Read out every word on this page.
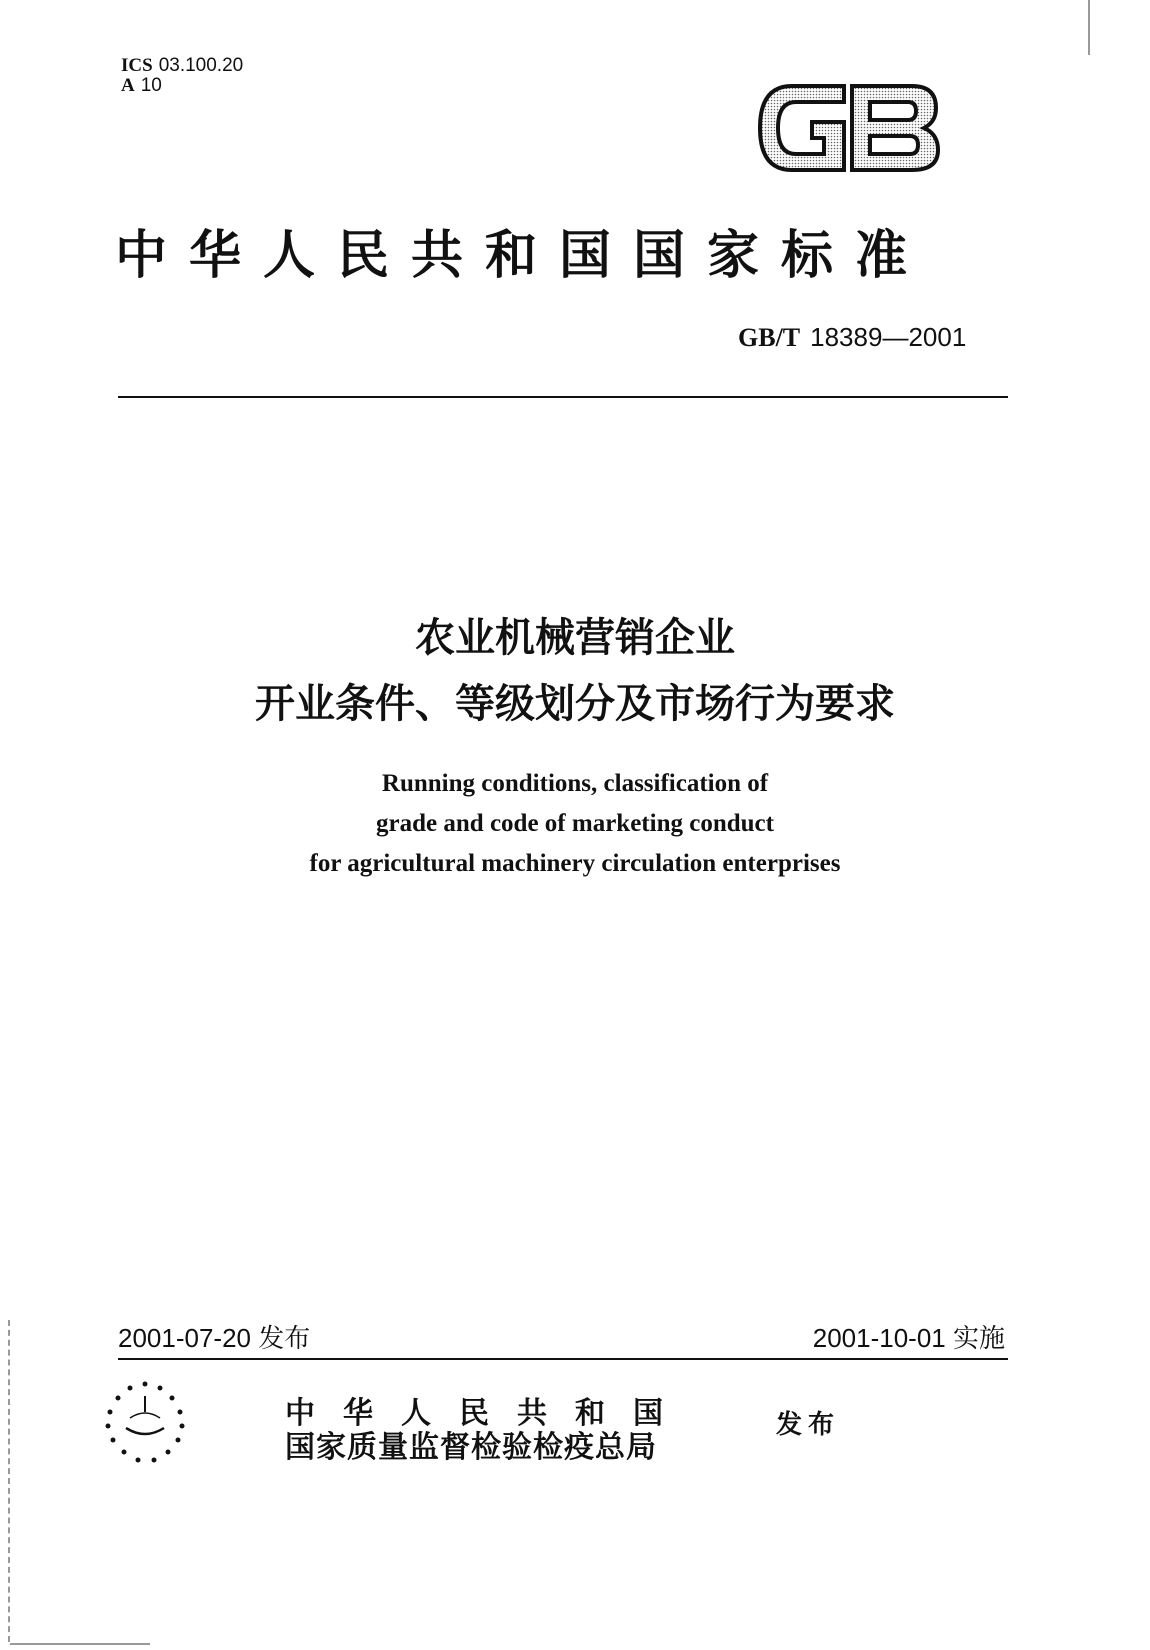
ICS 03.100.20
A 10
中华人民共和国国家标准
GB/T 18389—2001
农业机械营销企业
开业条件、等级划分及市场行为要求
Running conditions, classification of
grade and code of marketing conduct
for agricultural machinery circulation enterprises
2001-07-20 发布	2001-10-01 实施
中华人民共和国
国家质量监督检验检疫总局
发布
